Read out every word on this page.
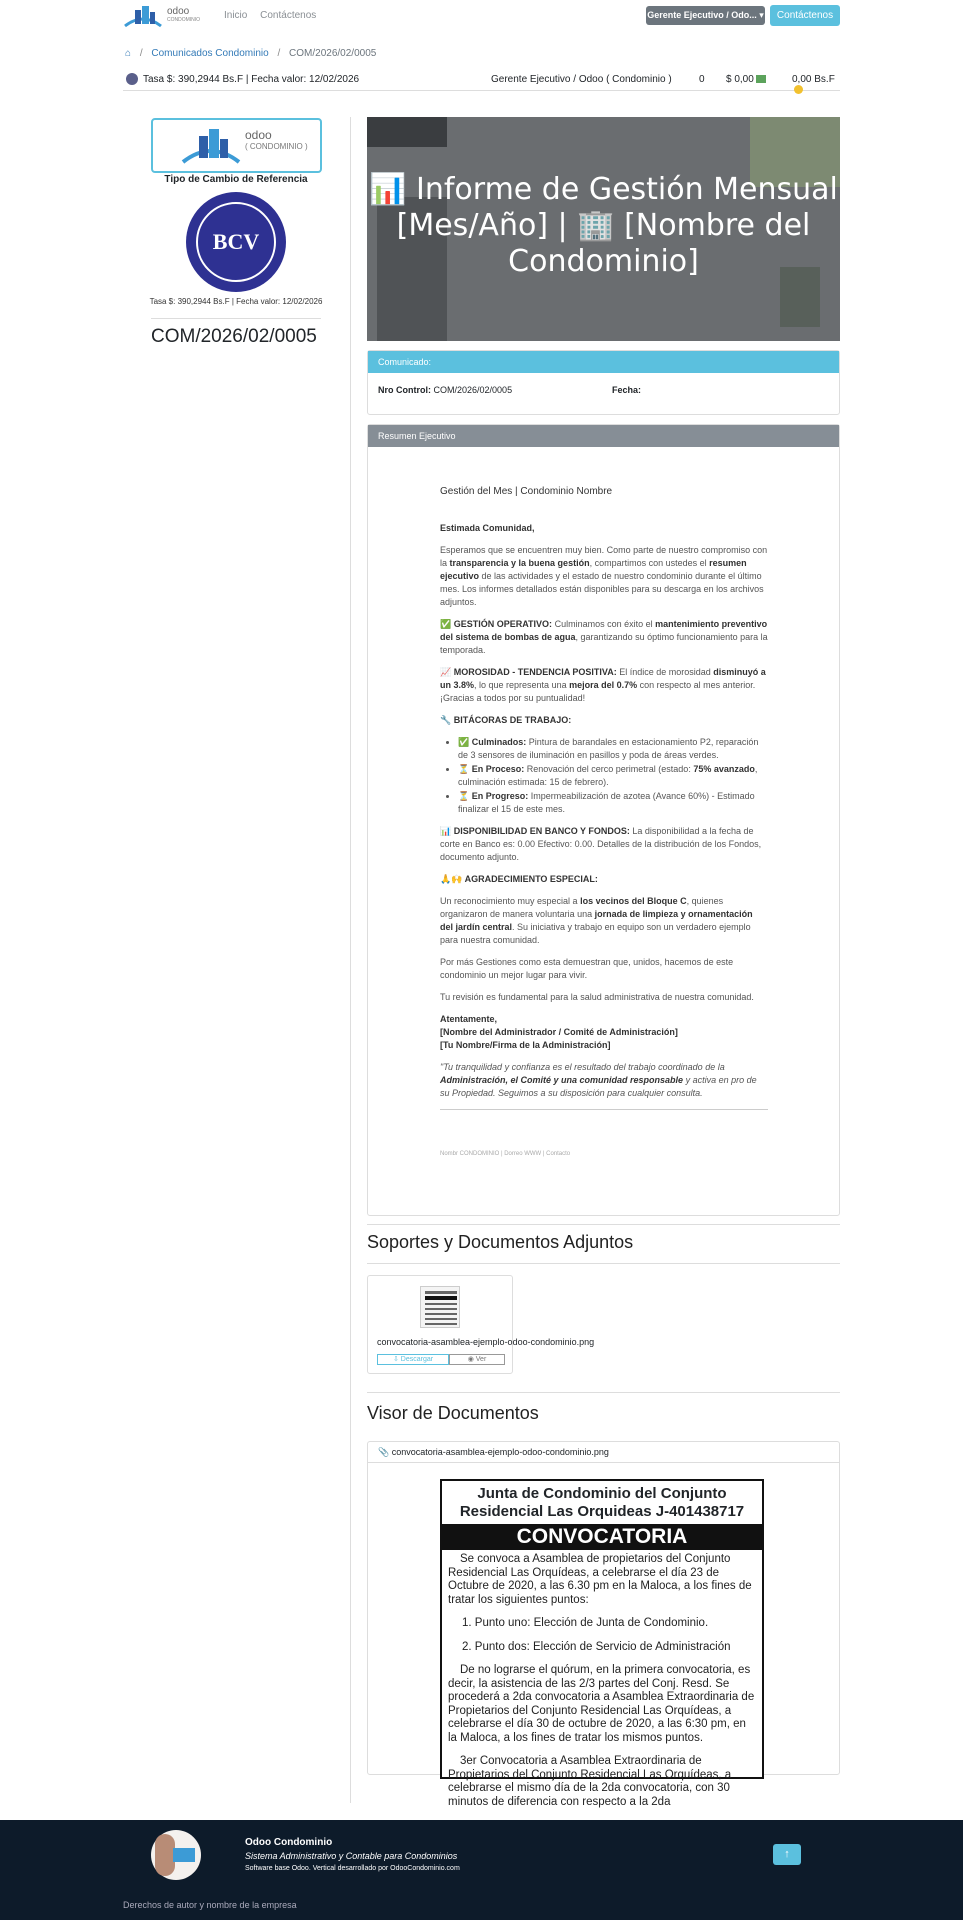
odoo
CONDOMINIO Inicio Contáctenos	Gerente Ejecutivo / Odo... ▾	Contáctenos
⌂ / Comunicados Condominio / COM/2026/02/0005
Tasa $: 390,2944 Bs.F | Fecha valor: 12/02/2026	Gerente Ejecutivo / Odoo ( Condominio )	0 $ 0,00	0,00 Bs.F
odoo
( CONDOMINIO )
Tipo de Cambio de Referencia
BCV
Tasa $: 390,2944 Bs.F | Fecha valor: 12/02/2026
COM/2026/02/0005
📊 Informe de Gestión Mensual [Mes/Año] | 🏢 [Nombre del Condominio]
Comunicado:
Nro Control: COM/2026/02/0005	Fecha:
Resumen Ejecutivo
Gestión del Mes | Condominio Nombre

Estimada Comunidad,

Esperamos que se encuentren muy bien. Como parte de nuestro compromiso con la transparencia y la buena gestión, compartimos con ustedes el resumen ejecutivo de las actividades y el estado de nuestro condominio durante el último mes. Los informes detallados están disponibles para su descarga en los archivos adjuntos.

✅ GESTIÓN OPERATIVO: Culminamos con éxito el mantenimiento preventivo del sistema de bombas de agua, garantizando su óptimo funcionamiento para la temporada.

📈 MOROSIDAD - TENDENCIA POSITIVA: El índice de morosidad disminuyó a un 3.8%, lo que representa una mejora del 0.7% con respecto al mes anterior. ¡Gracias a todos por su puntualidad!

🔧 BITÁCORAS DE TRABAJO:

• ✅ Culminados: Pintura de barandales en estacionamiento P2, reparación de 3 sensores de iluminación en pasillos y poda de áreas verdes.
• ⏳ En Proceso: Renovación del cerco perimetral (estado: 75% avanzado, culminación estimada: 15 de febrero).
• ⏳ En Progreso: Impermeabilización de azotea (Avance 60%) - Estimado finalizar el 15 de este mes.

📊 DISPONIBILIDAD EN BANCO Y FONDOS: La disponibilidad a la fecha de corte en Banco es: 0.00 Efectivo: 0.00. Detalles de la distribución de los Fondos, documento adjunto.

🙏🙌 AGRADECIMIENTO ESPECIAL:

Un reconocimiento muy especial a los vecinos del Bloque C, quienes organizaron de manera voluntaria una jornada de limpieza y ornamentación del jardín central. Su iniciativa y trabajo en equipo son un verdadero ejemplo para nuestra comunidad.

Por más Gestiones como esta demuestran que, unidos, hacemos de este condominio un mejor lugar para vivir.

Tu revisión es fundamental para la salud administrativa de nuestra comunidad.

Atentamente,
[Nombre del Administrador / Comité de Administración]
[Tu Nombre/Firma de la Administración]

"Tu tranquilidad y confianza es el resultado del trabajo coordinado de la Administración, el Comité y una comunidad responsable y activa en pro de su Propiedad. Seguimos a su disposición para cualquier consulta.

Nombr CONDOMINIO | Dorreo WWW | Contacto
Soportes y Documentos Adjuntos
convocatoria-asamblea-ejemplo-odoo-condominio.png
⇩ Descargar	◉ Ver
Visor de Documentos
📎 convocatoria-asamblea-ejemplo-odoo-condominio.png
Junta de Condominio del Conjunto
Residencial Las Orquideas J-401438717
CONVOCATORIA

Se convoca a Asamblea de propietarios del Conjunto Residencial Las Orquídeas, a celebrarse el día 23 de Octubre de 2020, a las 6.30 pm en la Maloca, a los fines de tratar los siguientes puntos:

1. Punto uno: Elección de Junta de Condominio.

2. Punto dos: Elección de Servicio de Administración

De no lograrse el quórum, en la primera convocatoria, es decir, la asistencia de las 2/3 partes del Conj. Resd. Se procederá a 2da convocatoria a Asamblea Extraordinaria de Propietarios del Conjunto Residencial Las Orquídeas, a celebrarse el día 30 de octubre de 2020, a las 6:30 pm, en la Maloca, a los fines de tratar los mismos puntos.

3er Convocatoria a Asamblea Extraordinaria de Propietarios del Conjunto Residencial Las Orquídeas, a celebrarse el mismo día de la 2da convocatoria, con 30 minutos de diferencia con respecto a la 2da

Odoo Condominio
Sistema Administrativo y Contable para Condominios
Software base Odoo. Vertical desarrollado por OdooCondominio.com
↑
Derechos de autor y nombre de la empresa
